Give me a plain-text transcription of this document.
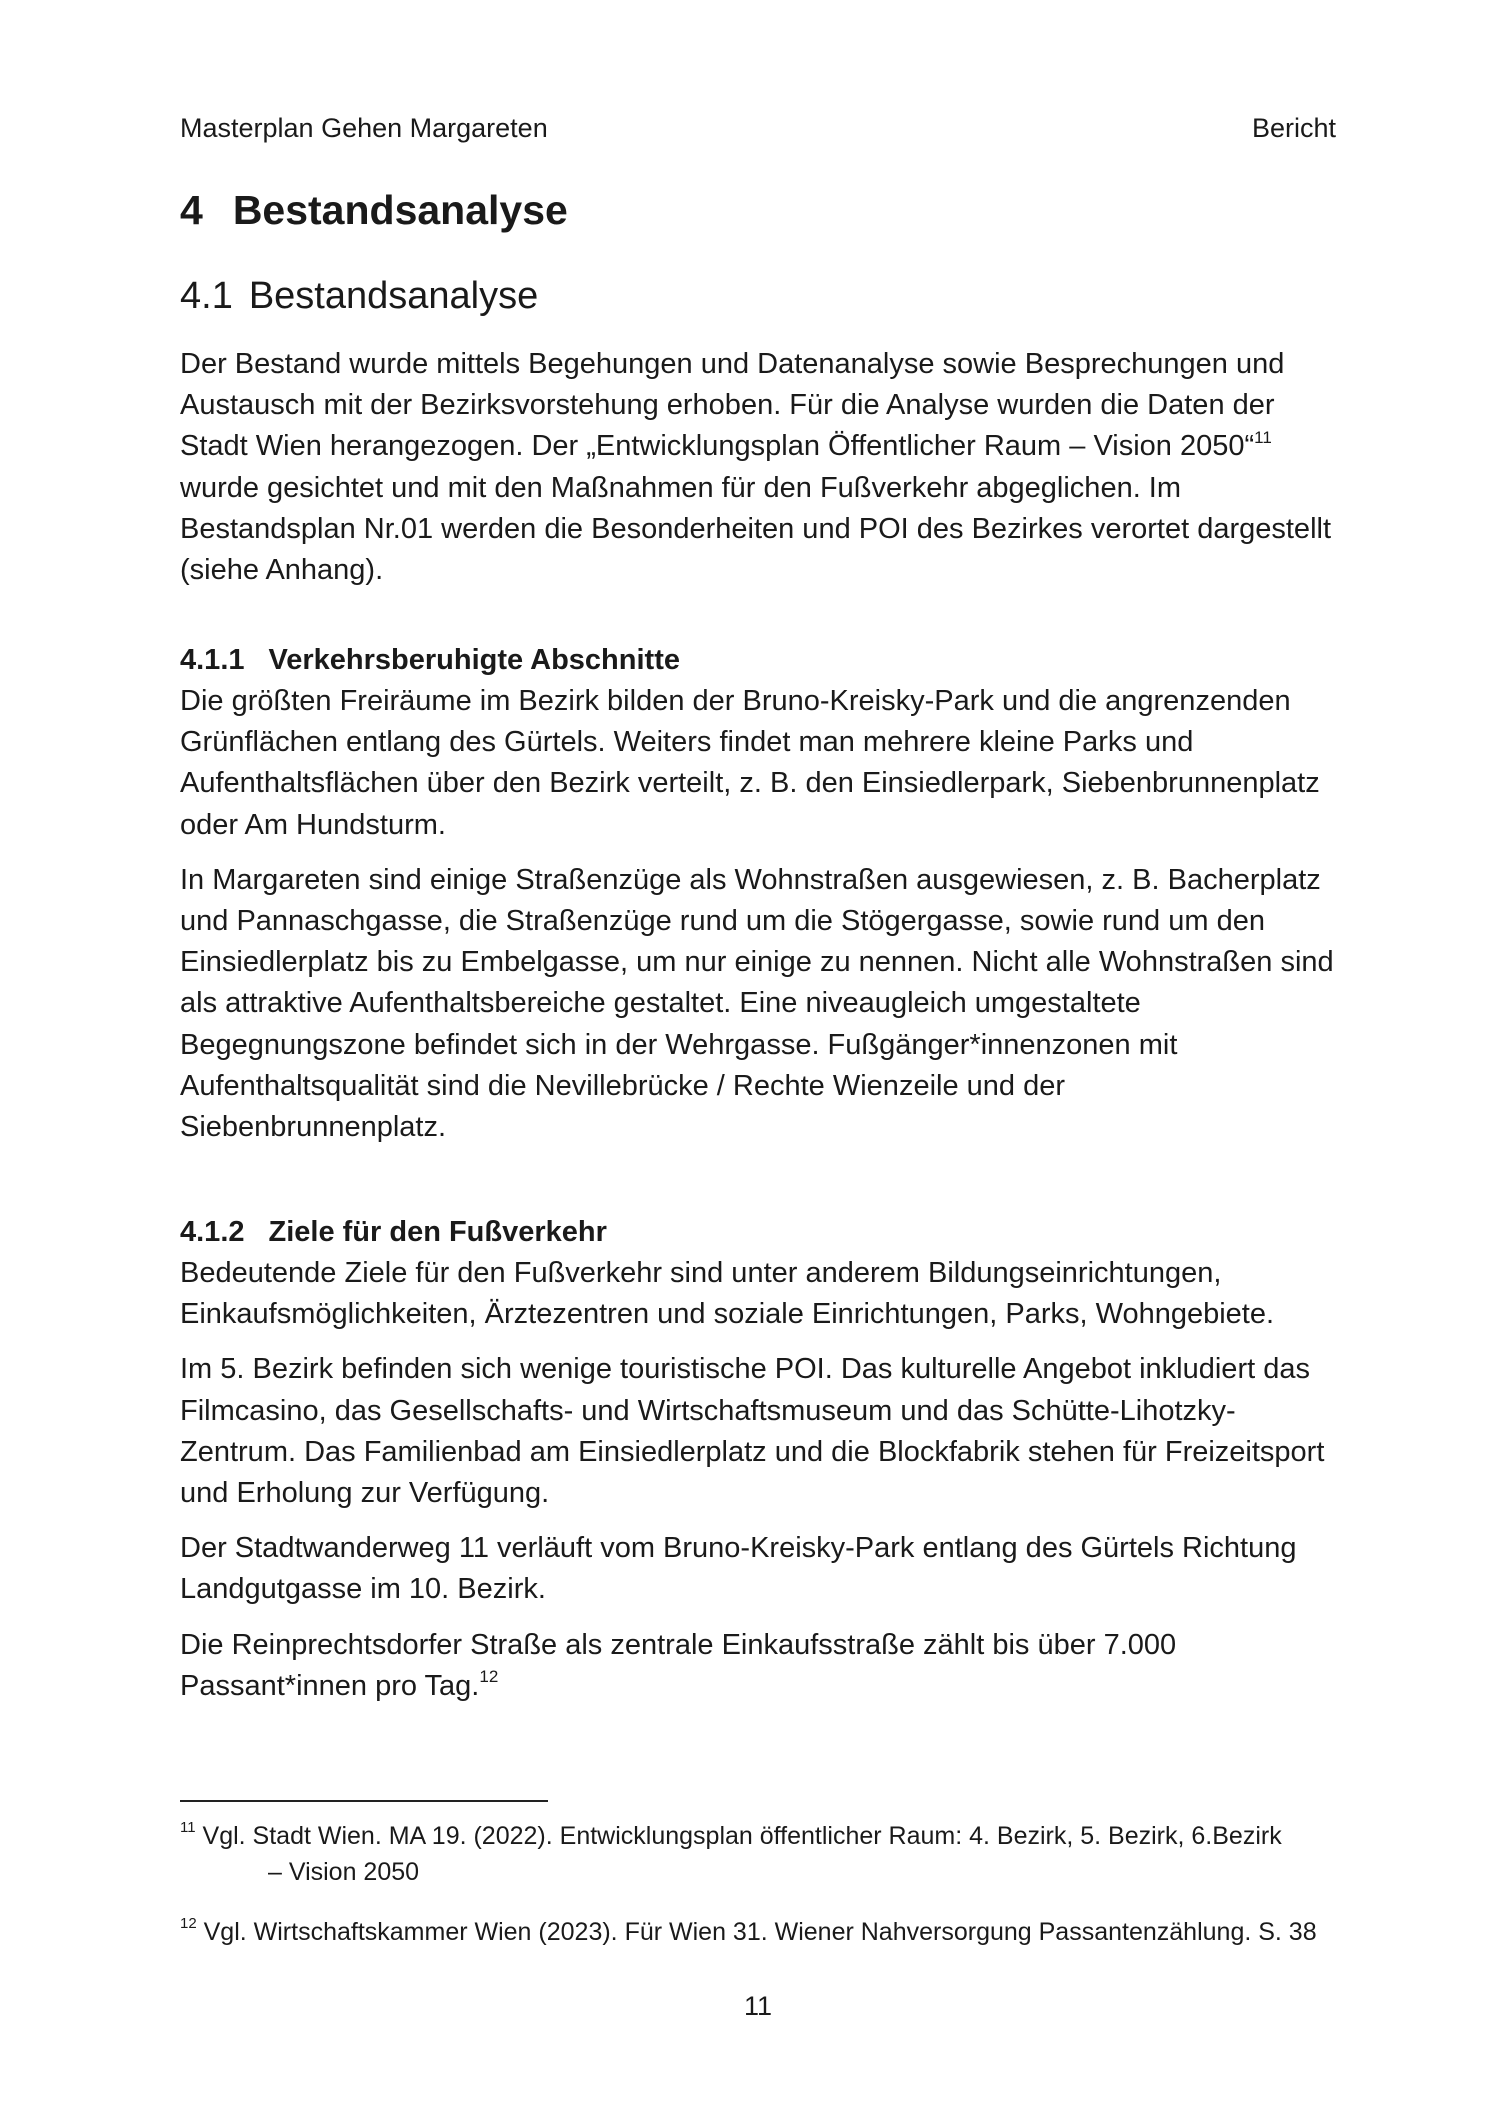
Masterplan Gehen Margareten	Bericht
4 Bestandsanalyse
4.1 Bestandsanalyse

Der Bestand wurde mittels Begehungen und Datenanalyse sowie Besprechungen und Austausch mit der Bezirksvorstehung erhoben. Für die Analyse wurden die Daten der Stadt Wien herangezogen. Der „Entwicklungsplan Öffentlicher Raum – Vision 2050“$^{11}$ wurde gesichtet und mit den Maßnahmen für den Fußverkehr abgeglichen. Im Bestandsplan Nr.01 werden die Besonderheiten und POI des Bezirkes verortet dargestellt (siehe Anhang).

4.1.1 Verkehrsberuhigte Abschnitte

Die größten Freiräume im Bezirk bilden der Bruno-Kreisky-Park und die angrenzenden Grünflächen entlang des Gürtels. Weiters findet man mehrere kleine Parks und Aufenthaltsflächen über den Bezirk verteilt, z. B. den Einsiedlerpark, Siebenbrunnenplatz oder Am Hundsturm.

In Margareten sind einige Straßenzüge als Wohnstraßen ausgewiesen, z. B. Bacherplatz und Pannaschgasse, die Straßenzüge rund um die Stögergasse, sowie rund um den Einsiedlerplatz bis zu Embelgasse, um nur einige zu nennen. Nicht alle Wohnstraßen sind als attraktive Aufenthaltsbereiche gestaltet. Eine niveaugleich umgestaltete Begegnungszone befindet sich in der Wehrgasse. Fußgänger*innenzonen mit Aufenthaltsqualität sind die Nevillebrücke / Rechte Wienzeile und der Siebenbrunnenplatz.

4.1.2 Ziele für den Fußverkehr

Bedeutende Ziele für den Fußverkehr sind unter anderem Bildungseinrichtungen, Einkaufsmöglichkeiten, Ärztezentren und soziale Einrichtungen, Parks, Wohngebiete.

Im 5. Bezirk befinden sich wenige touristische POI. Das kulturelle Angebot inkludiert das Filmcasino, das Gesellschafts- und Wirtschaftsmuseum und das Schütte-Lihotzky-Zentrum. Das Familienbad am Einsiedlerplatz und die Blockfabrik stehen für Freizeitsport und Erholung zur Verfügung.

Der Stadtwanderweg 11 verläuft vom Bruno-Kreisky-Park entlang des Gürtels Richtung Landgutgasse im 10. Bezirk.

Die Reinprechtsdorfer Straße als zentrale Einkaufsstraße zählt bis über 7.000 Passant*innen pro Tag.$^{12}$

$^{11}$ Vgl. Stadt Wien. MA 19. (2022). Entwicklungsplan öffentlicher Raum: 4. Bezirk, 5. Bezirk, 6.Bezirk
– Vision 2050
$^{12}$ Vgl. Wirtschaftskammer Wien (2023). Für Wien 31. Wiener Nahversorgung Passantenzählung. S. 38
11
